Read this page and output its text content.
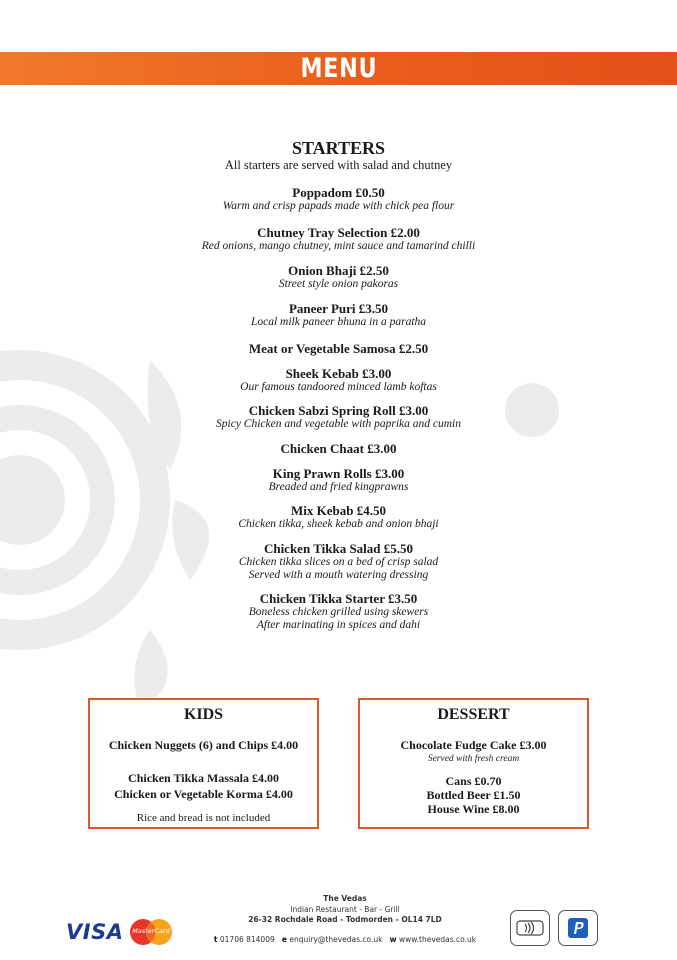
MENU
STARTERS
All starters are served with salad and chutney
Poppadom £0.50
Warm and crisp papads made with chick pea flour
Chutney Tray Selection £2.00
Red onions, mango chutney, mint sauce and tamarind chilli
Onion Bhaji £2.50
Street style onion pakoras
Paneer Puri £3.50
Local milk paneer bhuna in a paratha
Meat or Vegetable Samosa £2.50
Sheek Kebab £3.00
Our famous tandoored minced lamb koftas
Chicken Sabzi Spring Roll £3.00
Spicy Chicken and vegetable with paprika and cumin
Chicken Chaat £3.00
King Prawn Rolls £3.00
Breaded and fried kingprawns
Mix Kebab £4.50
Chicken tikka, sheek kebab and onion bhaji
Chicken Tikka Salad £5.50
Chicken tikka slices on a bed of crisp salad
Served with a mouth watering dressing
Chicken Tikka Starter £3.50
Boneless chicken grilled using skewers
After marinating in spices and dahi
KIDS
Chicken Nuggets (6) and Chips £4.00
Chicken Tikka Massala £4.00
Chicken or Vegetable Korma £4.00
Rice and bread is not included
DESSERT
Chocolate Fudge Cake £3.00
Served with fresh cream
Cans £0.70
Bottled Beer £1.50
House Wine £8.00
VISA	MasterCard
The Vedas
Indian Restaurant - Bar - Grill
26-32 Rochdale Road - Todmorden - OL14 7LD
t 01706 814009 e enquiry@thevedas.co.uk w www.thevedas.co.uk
